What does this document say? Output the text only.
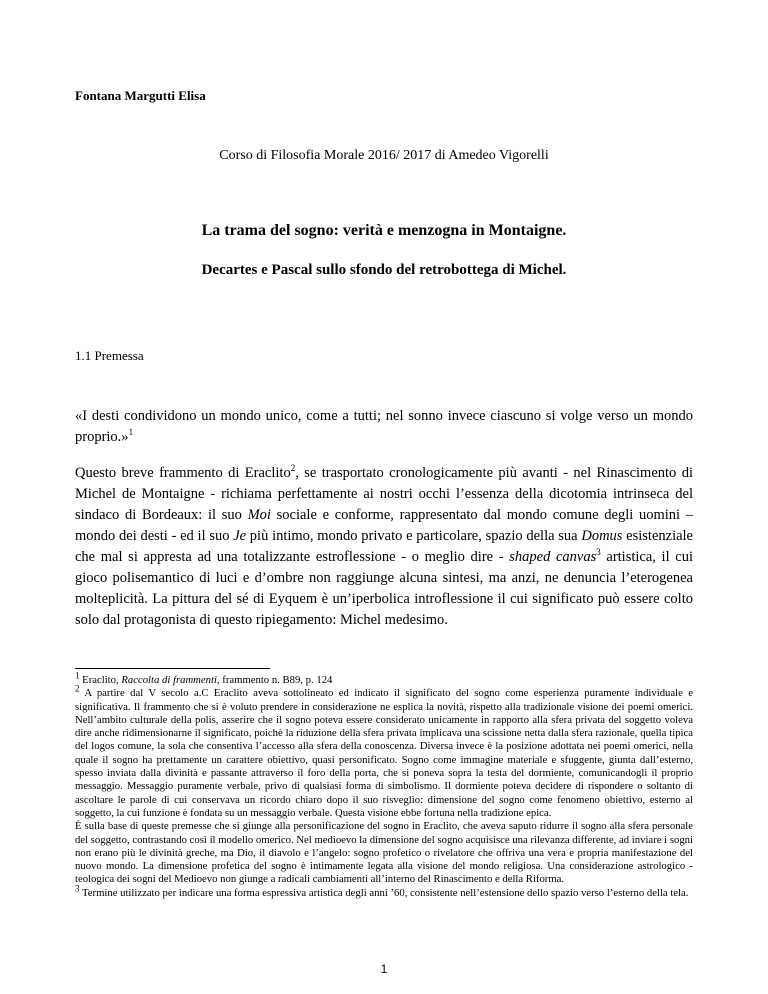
Fontana Margutti Elisa
Corso di Filosofia Morale 2016/ 2017 di Amedeo Vigorelli
La trama del sogno: verità e menzogna in Montaigne.
Decartes e Pascal sullo sfondo del retrobottega di Michel.
1.1 Premessa
«I desti condividono un mondo unico, come a tutti; nel sonno invece ciascuno si volge verso un mondo proprio.»$^1$
Questo breve frammento di Eraclito$^2$, se trasportato cronologicamente più avanti - nel Rinascimento di Michel de Montaigne - richiama perfettamente ai nostri occhi l’essenza della dicotomia intrinseca del sindaco di Bordeaux: il suo Moi sociale e conforme, rappresentato dal mondo comune degli uomini – mondo dei desti - ed il suo Je più intimo, mondo privato e particolare, spazio della sua Domus esistenziale che mal si appresta ad una totalizzante estroflessione - o meglio dire - shaped canvas$^3$ artistica, il cui gioco polisemantico di luci e d’ombre non raggiunge alcuna sintesi, ma anzi, ne denuncia l’eterogenea molteplicità. La pittura del sé di Eyquem è un’iperbolica introflessione il cui significato può essere colto solo dal protagonista di questo ripiegamento: Michel medesimo.

$^1$ Eraclito, Raccolta di frammenti, frammento n. B89, p. 124

$^2$ A partire dal V secolo a.C Eraclito aveva sottolineato ed indicato il significato del sogno come esperienza puramente individuale e significativa. Il frammento che si è voluto prendere in considerazione ne esplica la novità, rispetto alla tradizionale visione dei poemi omerici. Nell’ambito culturale della polis, asserire che il sogno poteva essere considerato unicamente in rapporto alla sfera privata del soggetto voleva dire anche ridimensionarne il significato, poichè la riduzione della sfera privata implicava una scissione netta dalla sfera razionale, quella tipica del logos comune, la sola che consentiva l’accesso alla sfera della conoscenza. Diversa invece è la posizione adottata nei poemi omerici, nella quale il sogno ha prettamente un carattere obiettivo, quasi personificato. Sogno come immagine materiale e sfuggente, giunta dall’esterno, spesso inviata dalla divinità e passante attraverso il foro della porta, che si poneva sopra la testa del dormiente, comunicandogli il proprio messaggio. Messaggio puramente verbale, privo di qualsiasi forma di simbolismo. Il dormiente poteva decidere di rispondere o soltanto di ascoltare le parole di cui conservava un ricordo chiaro dopo il suo risveglio: dimensione del sogno come fenomeno obiettivo, esterno al soggetto, la cui funzione è fondata su un messaggio verbale. Questa visione ebbe fortuna nella tradizione epica.

È sulla base di queste premesse che si giunge alla personificazione del sogno in Eraclito, che aveva saputo ridurre il sogno alla sfera personale del soggetto, contrastando così il modello omerico. Nel medioevo la dimensione del sogno acquisisce una rilevanza differente, ad inviare i sogni non erano più le divinità greche, ma Dio, il diavolo e l’angelo: sogno profetico o rivelatore che offriva una vera e propria manifestazione del nuovo mondo. La dimensione profetica del sogno è intimamente legata alla visione del mondo religiosa. Una considerazione astrologico - teologica dei sogni del Medioevo non giunge a radicali cambiamenti all’interno del Rinascimento e della Riforma.

$^3$ Termine utilizzato per indicare una forma espressiva artistica degli anni ’60, consistente nell’estensione dello spazio verso l’esterno della tela.

1
